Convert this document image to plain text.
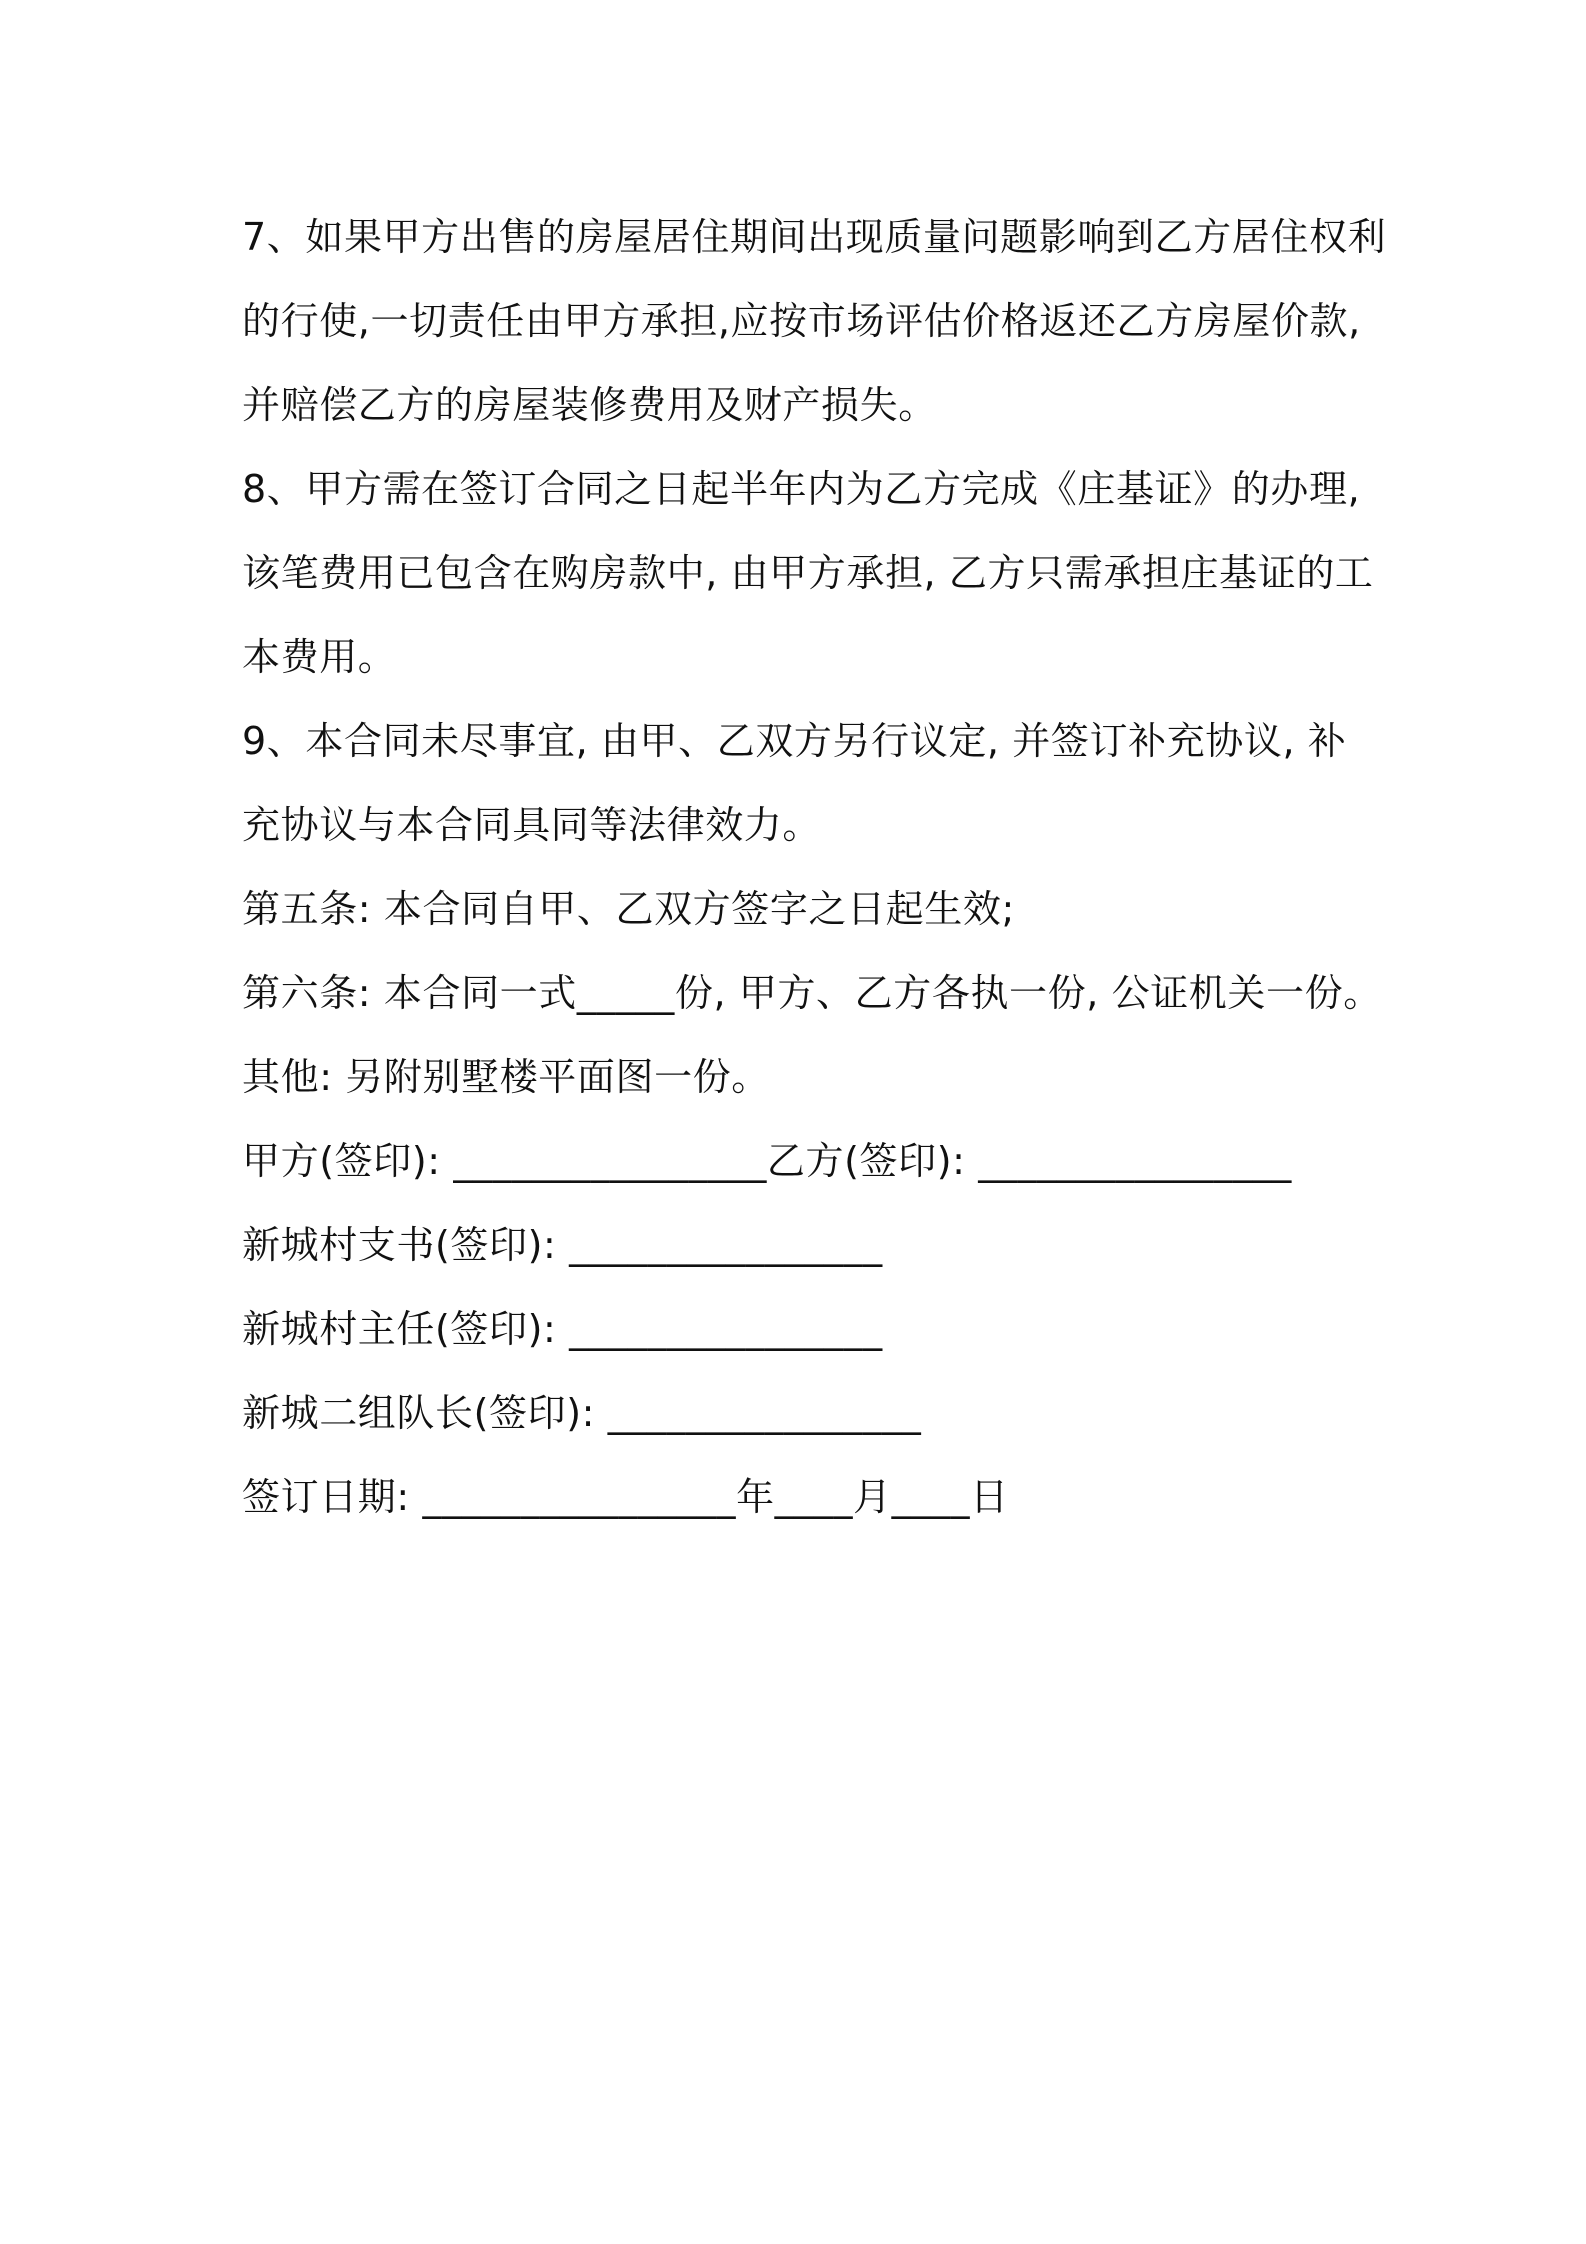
7、如果甲方出售的房屋居住期间出现质量问题影响到乙方居住权利
的行使,一切责任由甲方承担,应按市场评估价格返还乙方房屋价款,
并赔偿乙方的房屋装修费用及财产损失。
8、甲方需在签订合同之日起半年内为乙方完成《庄基证》的办理,
该笔费用已包含在购房款中, 由甲方承担, 乙方只需承担庄基证的工
本费用。
9、本合同未尽事宜, 由甲、乙双方另行议定, 并签订补充协议, 补
充协议与本合同具同等法律效力。
第五条: 本合同自甲、乙双方签字之日起生效;
第六条: 本合同一式_____份, 甲方、乙方各执一份, 公证机关一份。
其他: 另附别墅楼平面图一份。
甲方(签印): ________________乙方(签印): ________________
新城村支书(签印): ________________
新城村主任(签印): ________________
新城二组队长(签印): ________________
签订日期: ________________年____月____日
